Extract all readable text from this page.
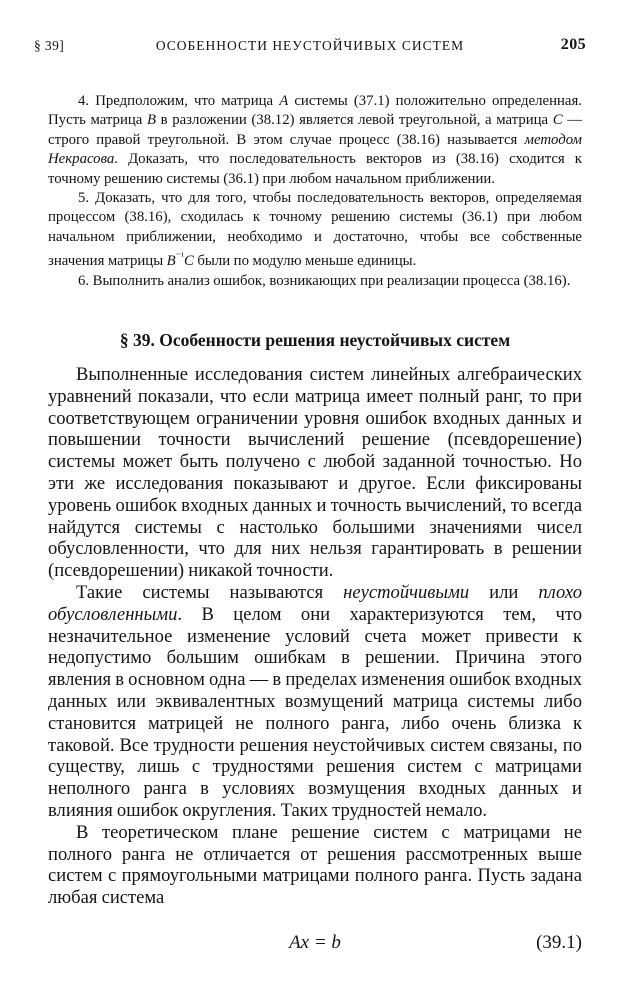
§ 39]	ОСОБЕННОСТИ НЕУСТОЙЧИВЫХ СИСТЕМ	205

4. Предположим, что матрица A системы (37.1) положительно определенная. Пусть матрица B в разложении (38.12) является левой треугольной, а матрица C — строго правой треугольной. В этом случае процесс (38.16) называется методом Некрасова. Доказать, что последовательность векторов из (38.16) сходится к точному решению системы (36.1) при любом начальном приближении.

5. Доказать, что для того, чтобы последовательность векторов, определяемая процессом (38.16), сходилась к точному решению системы (36.1) при любом начальном приближении, необходимо и достаточно, чтобы все собственные значения матрицы $B^{^{-1}}C$ были по модулю меньше единицы.

6. Выполнить анализ ошибок, возникающих при реализации процесса (38.16).

§ 39. Особенности решения неустойчивых систем

Выполненные исследования систем линейных алгебраических уравнений показали, что если матрица имеет полный ранг, то при соответствующем ограничении уровня ошибок входных данных и повышении точности вычислений решение (псевдорешение) системы может быть получено с любой заданной точностью. Но эти же исследования показывают и другое. Если фиксированы уровень ошибок входных данных и точность вычислений, то всегда найдутся системы с настолько большими значениями чисел обусловленности, что для них нельзя гарантировать в решении (псевдорешении) никакой точности.

Такие системы называются неустойчивыми или плохо обусловленными. В целом они характеризуются тем, что незначительное изменение условий счета может привести к недопустимо большим ошибкам в решении. Причина этого явления в основном одна — в пределах изменения ошибок входных данных или эквивалентных возмущений матрица системы либо становится матрицей не полного ранга, либо очень близка к таковой. Все трудности решения неустойчивых систем связаны, по существу, лишь с трудностями решения систем с матрицами неполного ранга в условиях возмущения входных данных и влияния ошибок округления. Таких трудностей немало.

В теоретическом плане решение систем с матрицами не полного ранга не отличается от решения рассмотренных выше систем с прямоугольными матрицами полного ранга. Пусть задана любая система

Ax = b	(39.1)
